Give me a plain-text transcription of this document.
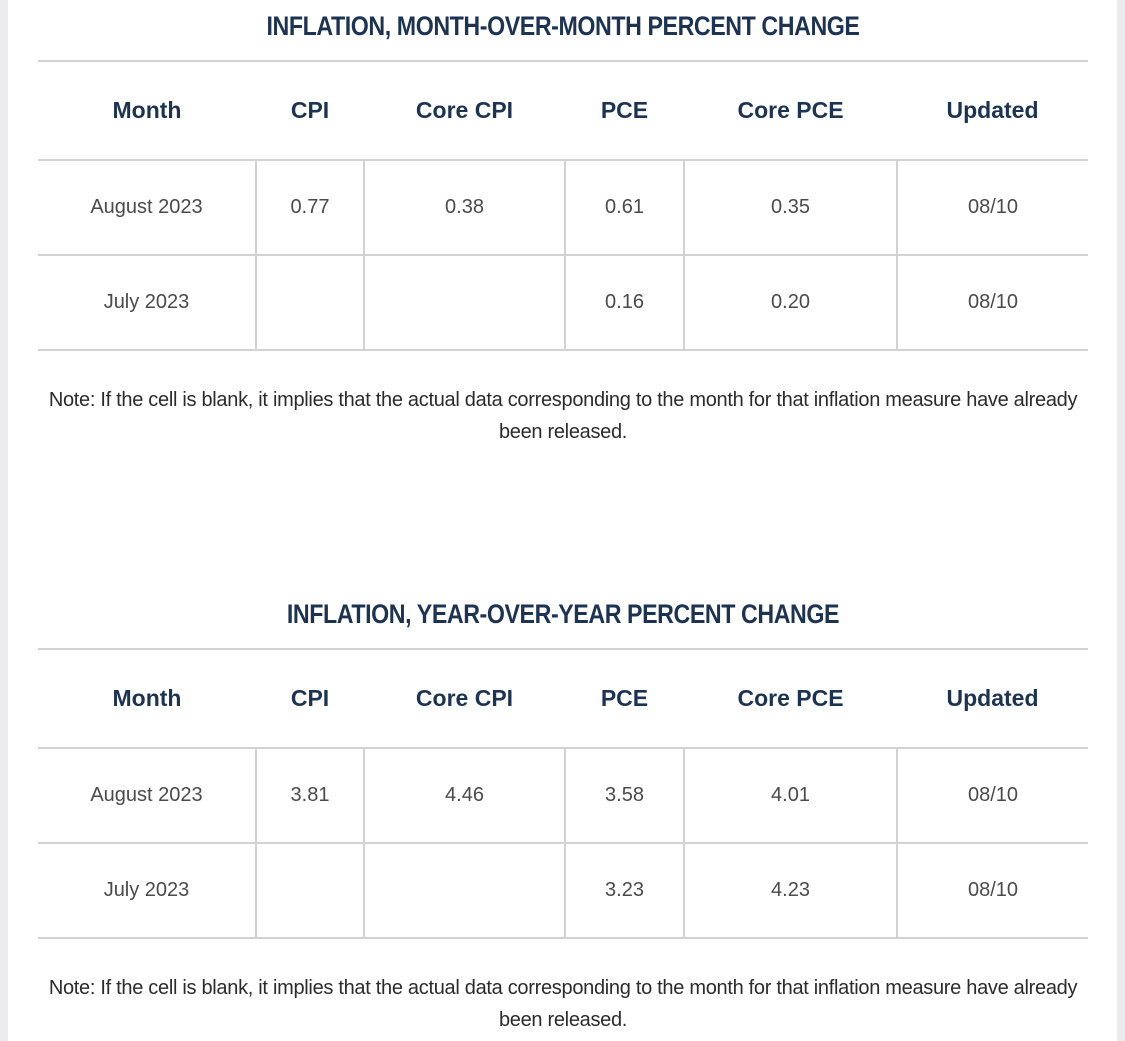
INFLATION, MONTH-OVER-MONTH PERCENT CHANGE
Month	CPI	Core CPI	PCE	Core PCE	Updated
August 2023	0.77	0.38	0.61	0.35	08/10
July 2023			0.16	0.20	08/10
Note: If the cell is blank, it implies that the actual data corresponding to the month for that inflation measure have already been released.
INFLATION, YEAR-OVER-YEAR PERCENT CHANGE
Month	CPI	Core CPI	PCE	Core PCE	Updated
August 2023	3.81	4.46	3.58	4.01	08/10
July 2023			3.23	4.23	08/10
Note: If the cell is blank, it implies that the actual data corresponding to the month for that inflation measure have already been released.
